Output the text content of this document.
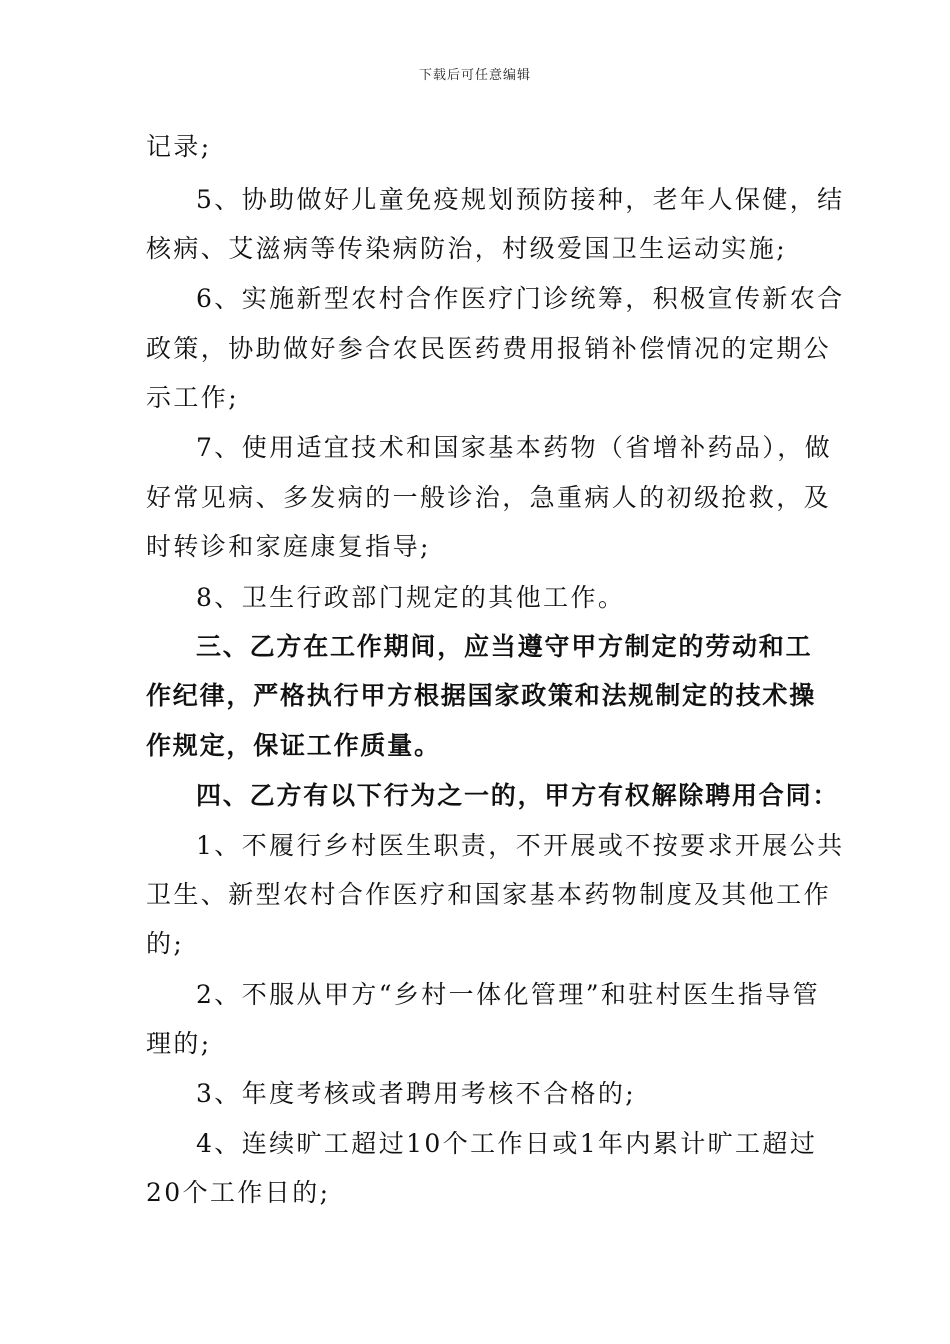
下载后可任意编辑
记录;
5、协助做好儿童免疫规划预防接种，老年人保健，结
核病、艾滋病等传染病防治，村级爱国卫生运动实施;
6、实施新型农村合作医疗门诊统筹，积极宣传新农合
政策，协助做好参合农民医药费用报销补偿情况的定期公
示工作;
7、使用适宜技术和国家基本药物（省增补药品），做
好常见病、多发病的一般诊治，急重病人的初级抢救，及
时转诊和家庭康复指导;
8、卫生行政部门规定的其他工作。
三、乙方在工作期间，应当遵守甲方制定的劳动和工
作纪律，严格执行甲方根据国家政策和法规制定的技术操
作规定，保证工作质量。
四、乙方有以下行为之一的，甲方有权解除聘用合同：
1、不履行乡村医生职责，不开展或不按要求开展公共
卫生、新型农村合作医疗和国家基本药物制度及其他工作
的;
2、不服从甲方“乡村一体化管理”和驻村医生指导管
理的;
3、年度考核或者聘用考核不合格的;
4、连续旷工超过10个工作日或1年内累计旷工超过
20个工作日的;
